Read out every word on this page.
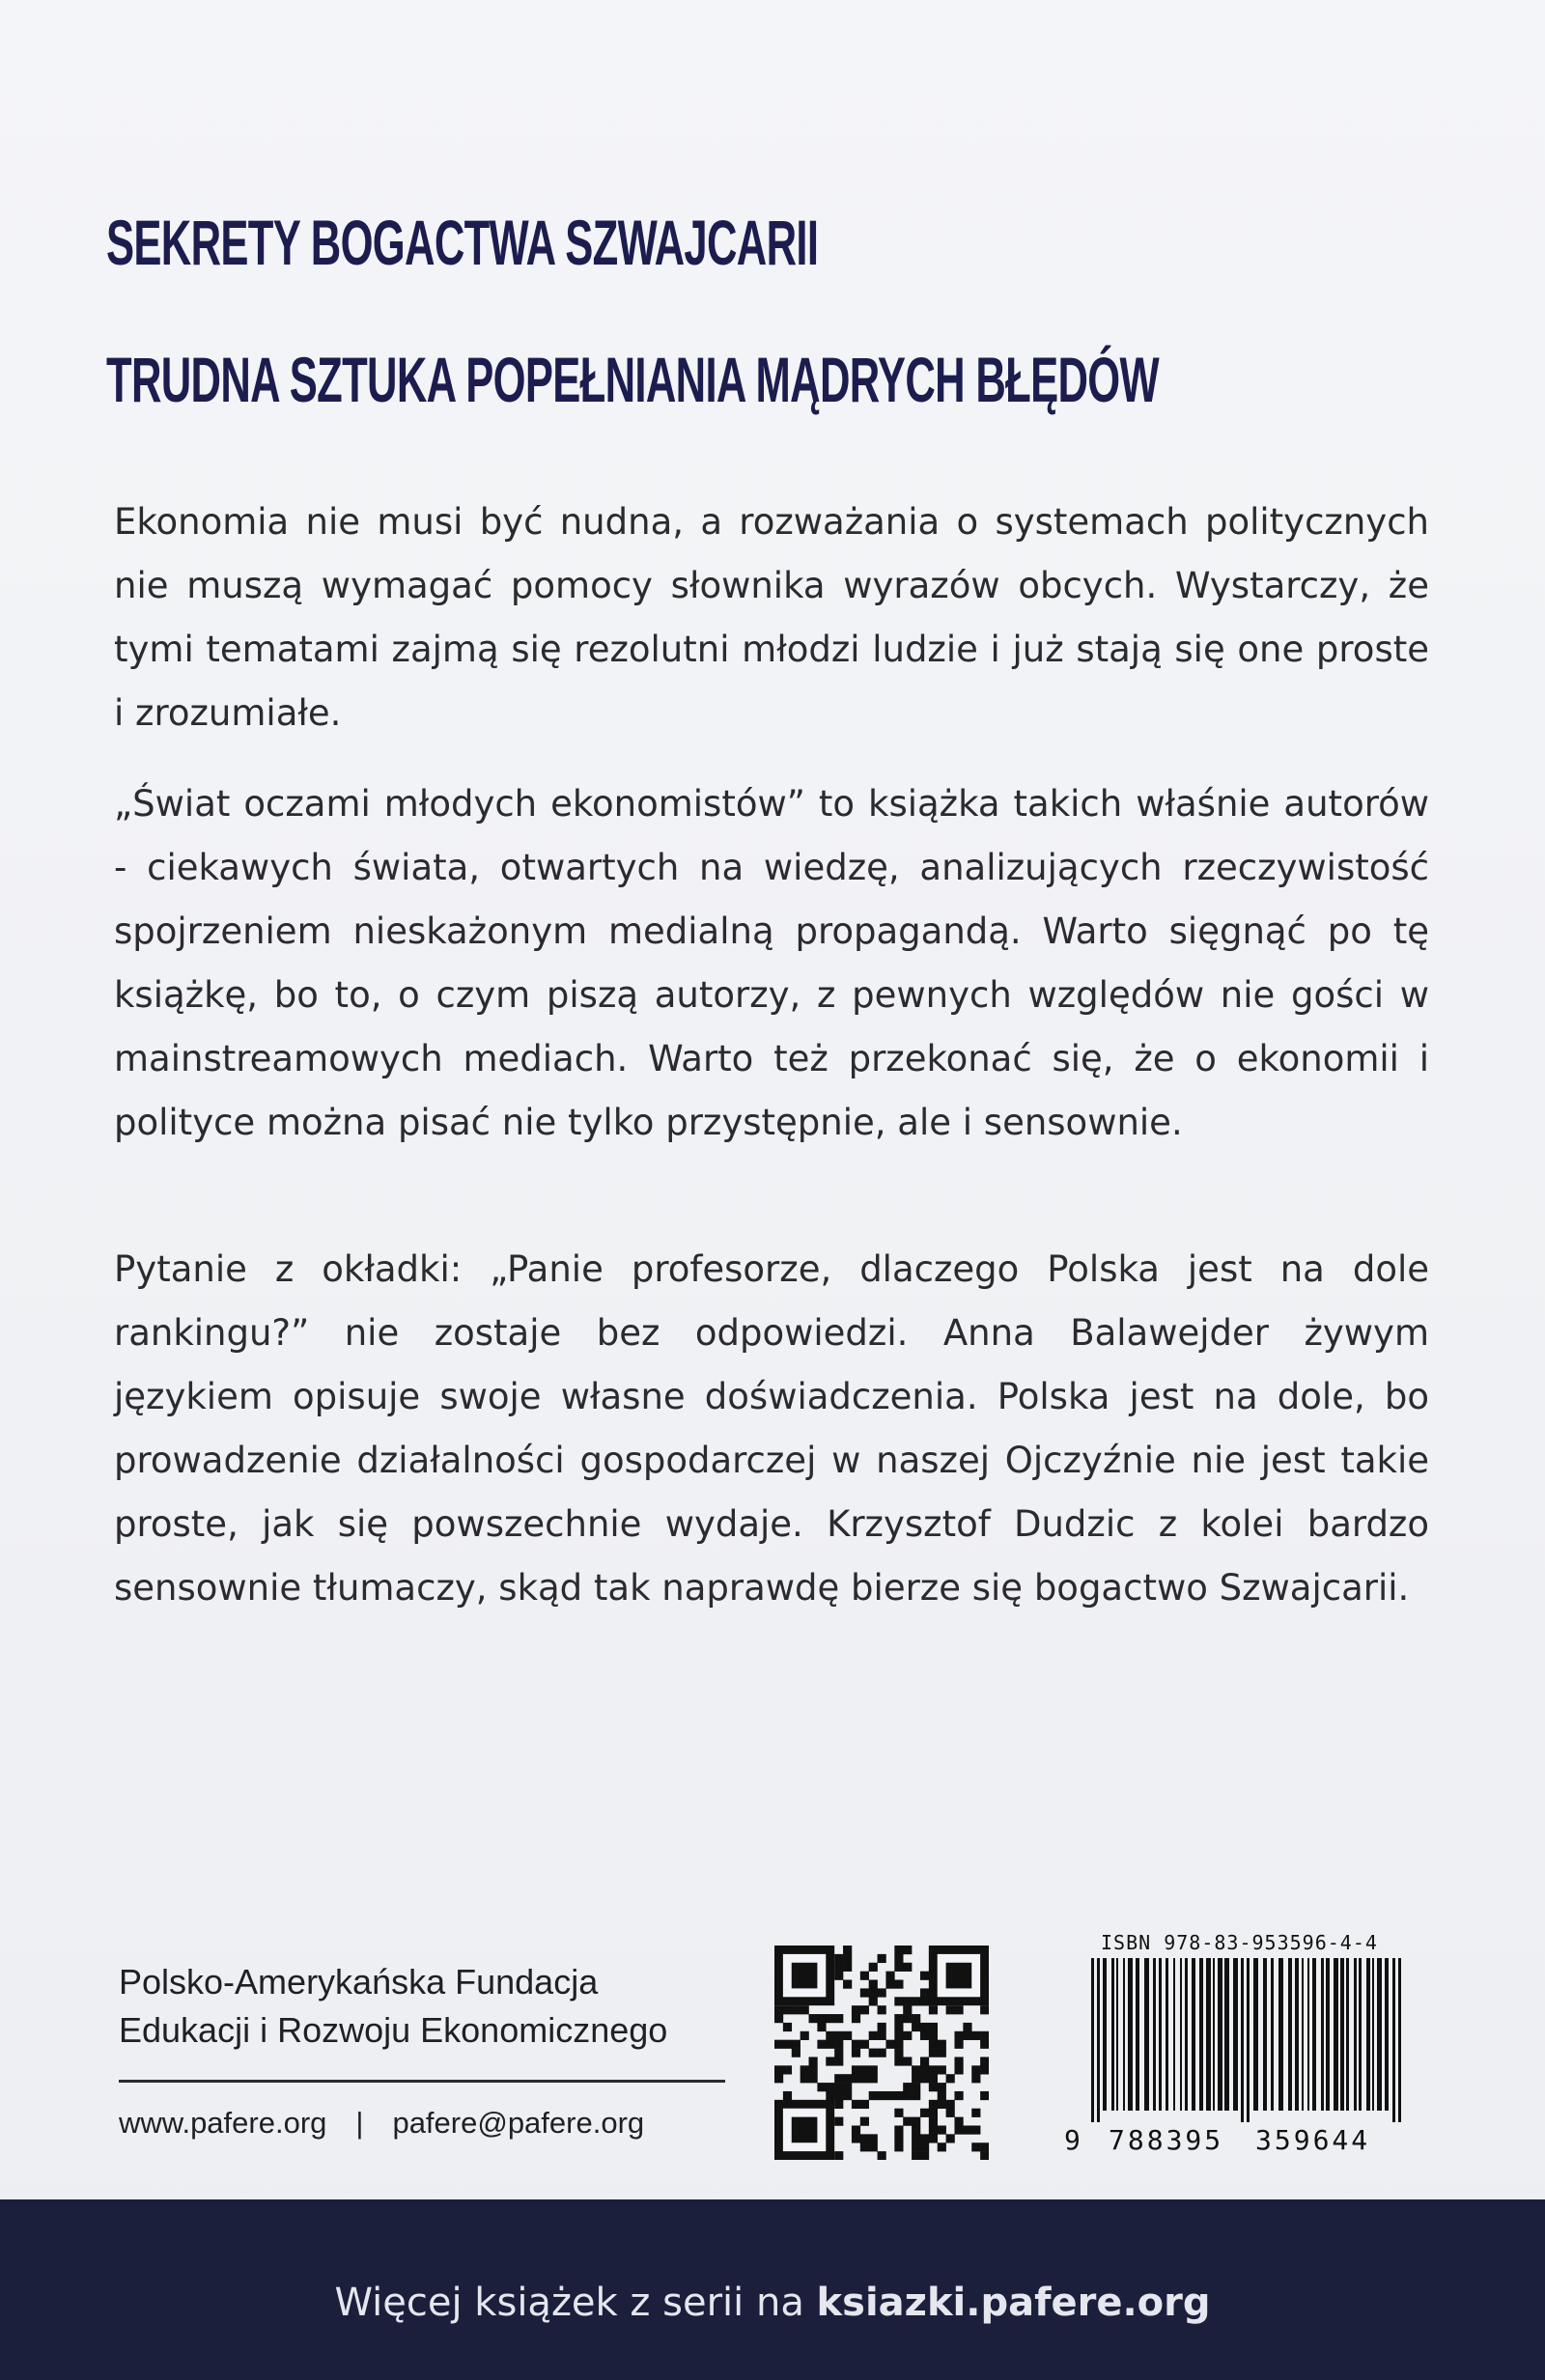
SEKRETY BOGACTWA SZWAJCARII
TRUDNA SZTUKA POPEŁNIANIA MĄDRYCH BŁĘDÓW

Ekonomia nie musi być nudna, a rozważania o systemach politycznych nie muszą wymagać pomocy słownika wyrazów obcych. Wystarczy, że tymi tematami zajmą się rezolutni młodzi ludzie i już stają się one proste i zrozumiałe.

„Świat oczami młodych ekonomistów” to książka takich właśnie autorów - ciekawych świata, otwartych na wiedzę, analizujących rzeczywistość spojrzeniem nieskażonym medialną propagandą. Warto sięgnąć po tę książkę, bo to, o czym piszą autorzy, z pewnych względów nie gości w mainstreamowych mediach. Warto też przekonać się, że o ekonomii i polityce można pisać nie tylko przystępnie, ale i sensownie.

Pytanie z okładki: „Panie profesorze, dlaczego Polska jest na dole rankingu?” nie zostaje bez odpowiedzi. Anna Balawejder żywym językiem opisuje swoje własne doświadczenia. Polska jest na dole, bo prowadzenie działalności gospodarczej w naszej Ojczyźnie nie jest takie proste, jak się powszechnie wydaje. Krzysztof Dudzic z kolei bardzo sensownie tłumaczy, skąd tak naprawdę bierze się bogactwo Szwajcarii.

Polsko-Amerykańska Fundacja
Edukacji i Rozwoju Ekonomicznego
www.pafere.org | pafere@pafere.org
ISBN 978-83-953596-4-4
9 788395 359644
Więcej książek z serii na ksiazki.pafere.org
